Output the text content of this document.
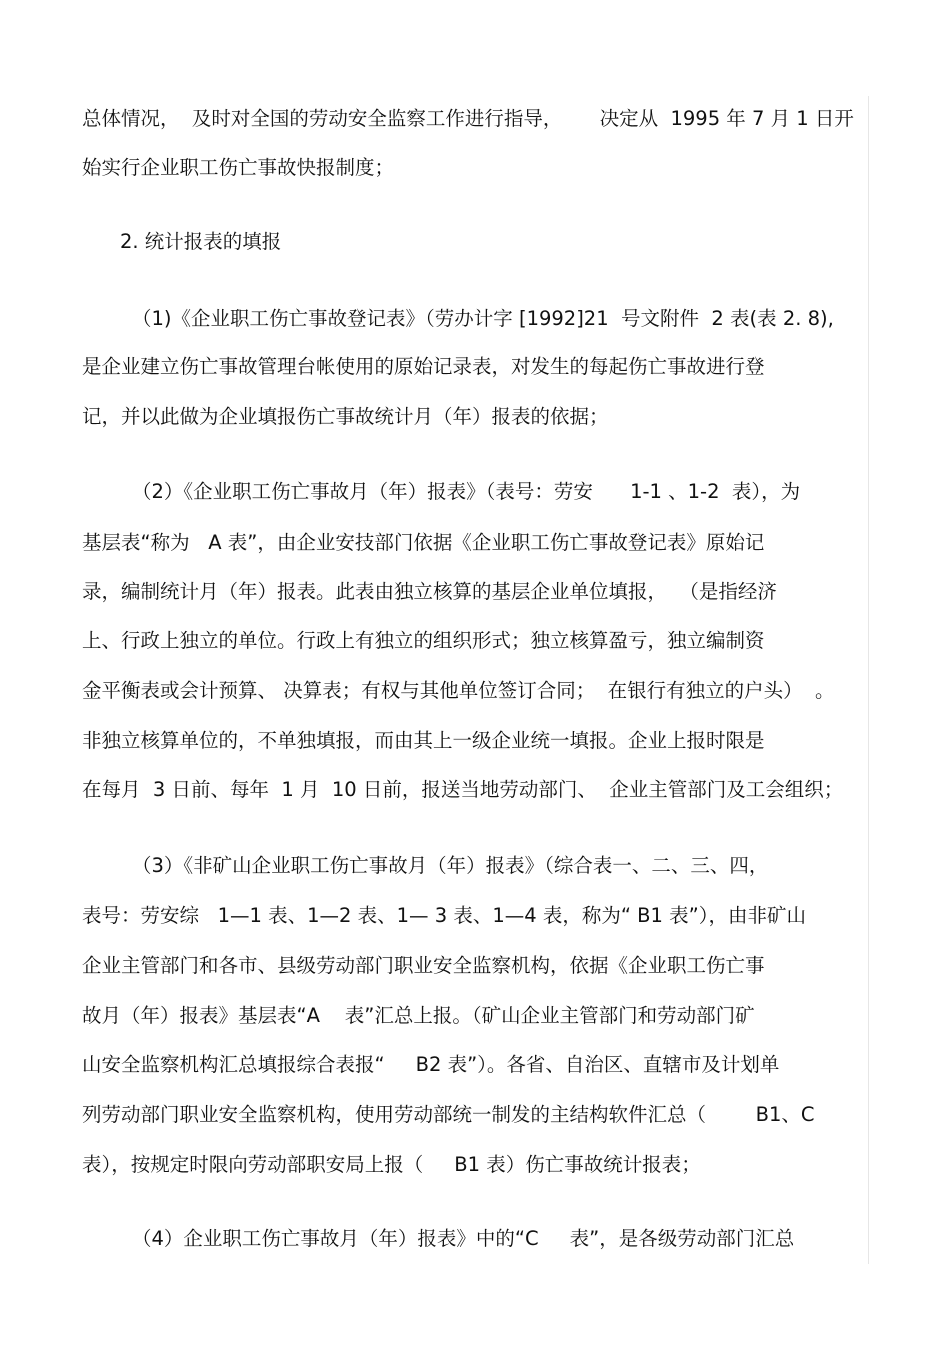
总体情况，  及时对全国的劳动安全监察工作进行指导，      决定从  1995 年 7 月 1 日开
始实行企业职工伤亡事故快报制度；
2. 统计报表的填报
（1)《企业职工伤亡事故登记表》（劳办计字 [1992]21  号文附件  2 表(表 2. 8),
是企业建立伤亡事故管理台帐使用的原始记录表，对发生的每起伤亡事故进行登
记，并以此做为企业填报伤亡事故统计月（年）报表的依据；
（2）《企业职工伤亡事故月（年）报表》（表号：劳安      1-1 、1-2  表），为
基层表“称为   A 表”，由企业安技部门依据《企业职工伤亡事故登记表》原始记
录，编制统计月（年）报表。此表由独立核算的基层企业单位填报，  （是指经济
上、行政上独立的单位。行政上有独立的组织形式；独立核算盈亏，独立编制资
金平衡表或会计预算、 决算表；有权与其他单位签订合同；  在银行有独立的户头）  。
非独立核算单位的，不单独填报，而由其上一级企业统一填报。企业上报时限是
在每月  3 日前、每年  1 月  10 日前，报送当地劳动部门、  企业主管部门及工会组织；
（3）《非矿山企业职工伤亡事故月（年）报表》（综合表一、二、三、四，
表号：劳安综   1—1 表、1—2 表、1— 3 表、1—4 表，称为“ B1 表”），由非矿山
企业主管部门和各市、县级劳动部门职业安全监察机构，依据《企业职工伤亡事
故月（年）报表》基层表“A    表”汇总上报。（矿山企业主管部门和劳动部门矿
山安全监察机构汇总填报综合表报“     B2 表”）。各省、自治区、直辖市及计划单
列劳动部门职业安全监察机构，使用劳动部统一制发的主结构软件汇总（        B1、C
表），按规定时限向劳动部职安局上报（     B1 表）伤亡事故统计报表；
（4）企业职工伤亡事故月（年）报表》中的“C     表”，是各级劳动部门汇总
